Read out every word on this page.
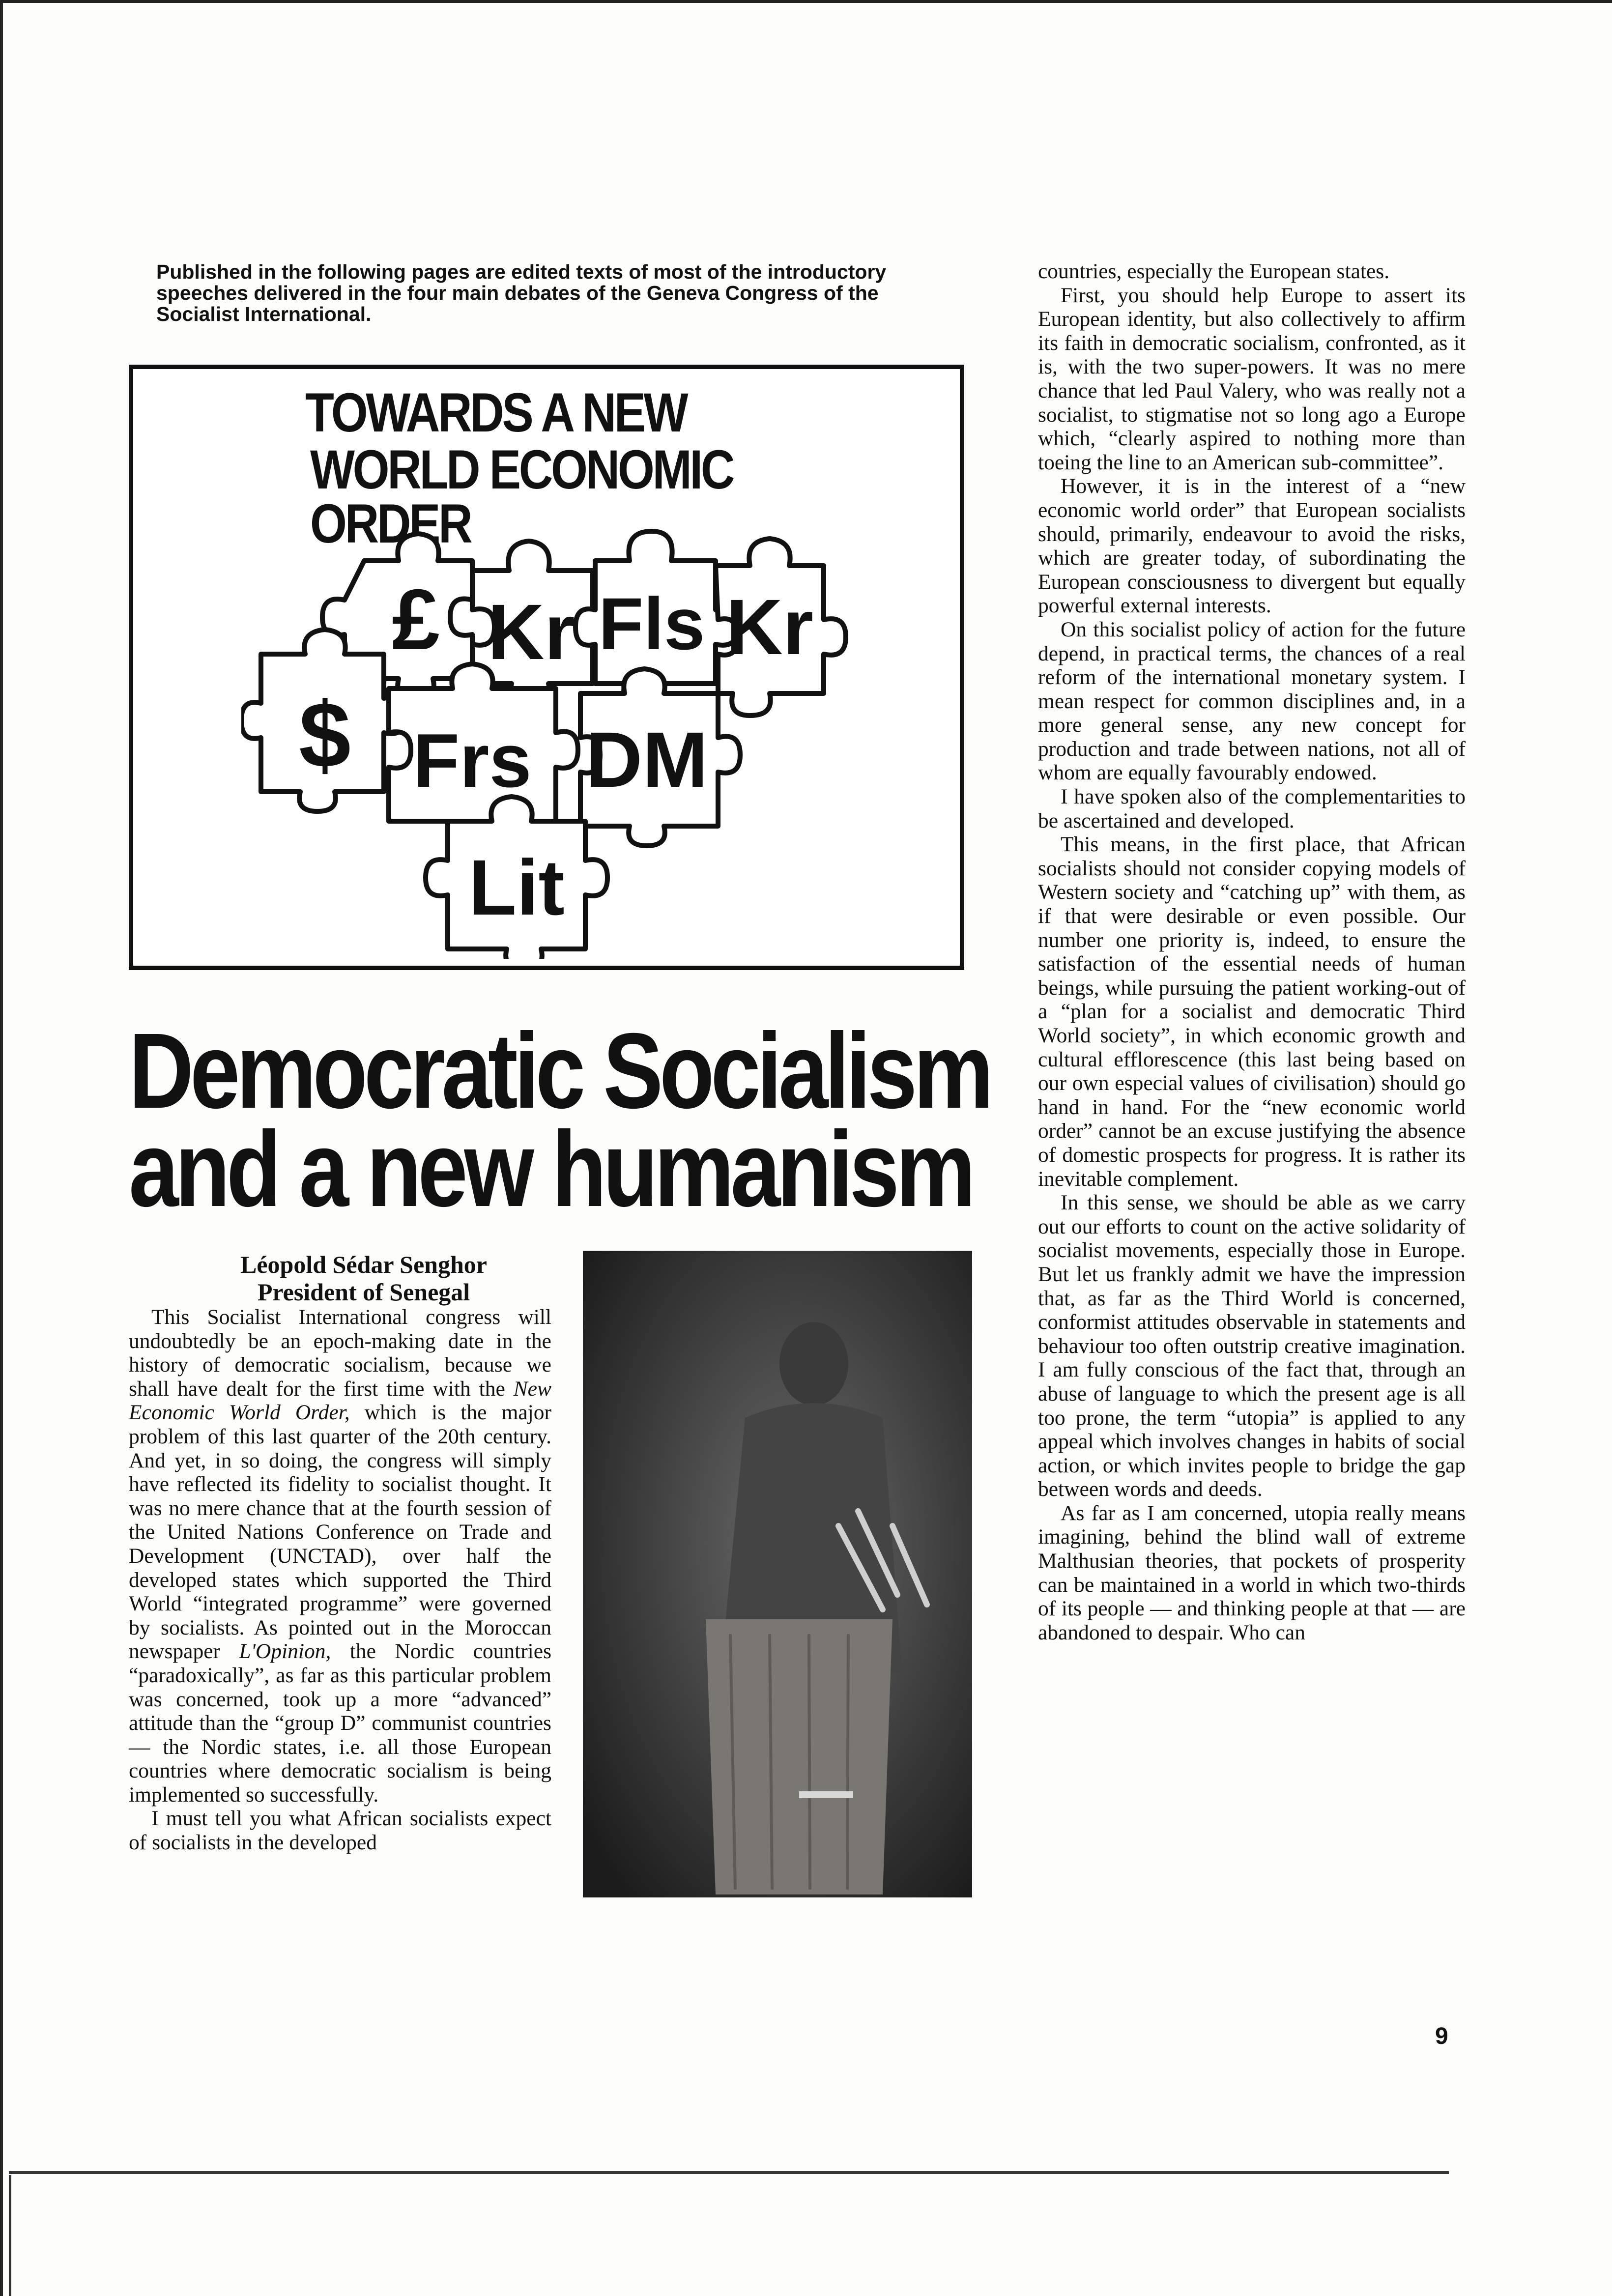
Published in the following pages are edited texts of most of the introductory
speeches delivered in the four main debates of the Geneva Congress of the
Socialist International.
TOWARDS A NEW
WORLD ECONOMIC ORDER
£ Kr Fls Kr
$ Frs DM
Lit
Democratic Socialism
and a new humanism
Léopold Sédar Senghor
President of Senegal

This Socialist International congress will undoubtedly be an epoch-making date in the history of democratic socialism, because we shall have dealt for the first time with the New Economic World Order, which is the major problem of this last quarter of the 20th century. And yet, in so doing, the congress will simply have reflected its fidelity to socialist thought. It was no mere chance that at the fourth session of the United Nations Conference on Trade and Development (UNCTAD), over half the developed states which supported the Third World “integrated programme” were governed by socialists. As pointed out in the Moroccan newspaper L'Opinion, the Nordic countries “paradoxically”, as far as this particular problem was concerned, took up a more “advanced” attitude than the “group D” communist countries — the Nordic states, i.e. all those European countries where democratic socialism is being implemented so successfully.

I must tell you what African socialists expect of socialists in the developed

countries, especially the European states.

First, you should help Europe to assert its European identity, but also collectively to affirm its faith in democratic socialism, confronted, as it is, with the two super-powers. It was no mere chance that led Paul Valery, who was really not a socialist, to stigmatise not so long ago a Europe which, “clearly aspired to nothing more than toeing the line to an American sub-committee”.

However, it is in the interest of a “new economic world order” that European socialists should, primarily, endeavour to avoid the risks, which are greater today, of subordinating the European consciousness to divergent but equally powerful external interests.

On this socialist policy of action for the future depend, in practical terms, the chances of a real reform of the international monetary system. I mean respect for common disciplines and, in a more general sense, any new concept for production and trade between nations, not all of whom are equally favourably endowed.

I have spoken also of the complementarities to be ascertained and developed.

This means, in the first place, that African socialists should not consider copying models of Western society and “catching up” with them, as if that were desirable or even possible. Our number one priority is, indeed, to ensure the satisfaction of the essential needs of human beings, while pursuing the patient working-out of a “plan for a socialist and democratic Third World society”, in which economic growth and cultural efflorescence (this last being based on our own especial values of civilisation) should go hand in hand. For the “new economic world order” cannot be an excuse justifying the absence of domestic prospects for progress. It is rather its inevitable complement.

In this sense, we should be able as we carry out our efforts to count on the active solidarity of socialist movements, especially those in Europe. But let us frankly admit we have the impression that, as far as the Third World is concerned, conformist attitudes observable in statements and behaviour too often outstrip creative imagination. I am fully conscious of the fact that, through an abuse of language to which the present age is all too prone, the term “utopia” is applied to any appeal which involves changes in habits of social action, or which invites people to bridge the gap between words and deeds.

As far as I am concerned, utopia really means imagining, behind the blind wall of extreme Malthusian theories, that pockets of prosperity can be maintained in a world in which two-thirds of its people — and thinking people at that — are abandoned to despair. Who can

9
